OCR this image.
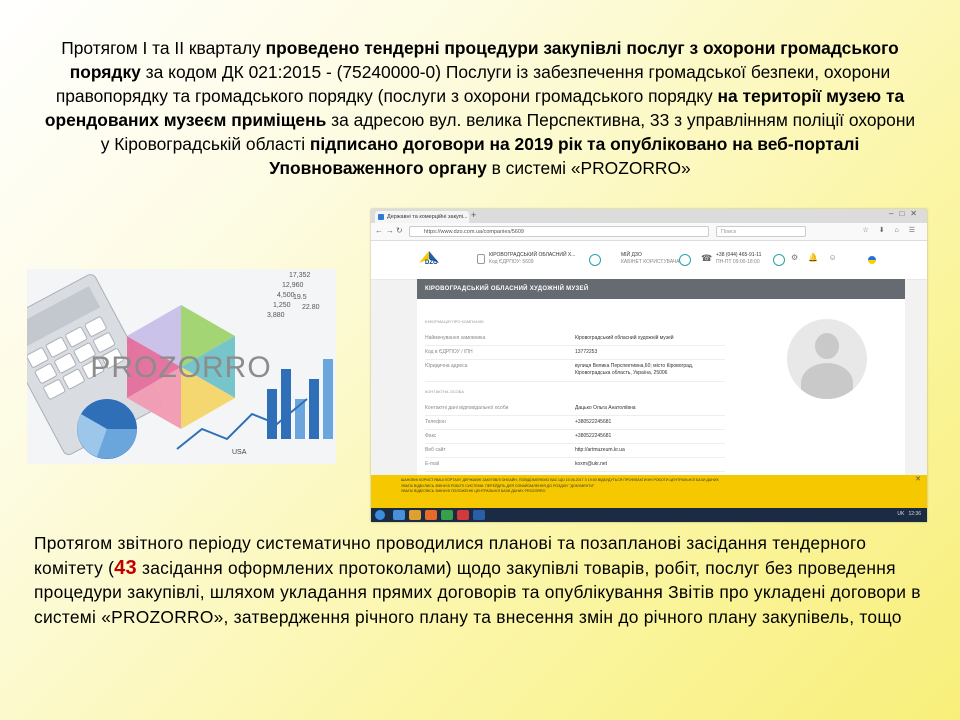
Протягом І та ІІ кварталу проведено тендерні процедури закупівлі послуг з охорони громадського порядку за кодом ДК 021:2015 - (75240000-0) Послуги із забезпечення громадської безпеки, охорони правопорядку та громадського порядку (послуги з охорони громадського порядку на території музею та орендованих музеєм приміщень за адресою вул. велика Перспективна, 33 з управлінням поліції охорони у Кіровоградській області підписано договори на 2019 рік та опубліковано на веб-порталі Уповноваженного органу в системі «PROZORRO»
17,352
12,960
4,500
1,250
3,880
19.5
22.80
PROZORRO
USA
Державні та комерційні закупі... +	–□✕
← → ↻	https://www.dzo.com.ua/companies/5609	Поиск	☆ ⬇ ⌂ ☰
DZO
КІРОВОГРАДСЬКИЙ ОБЛАСНИЙ Х...
Код ЄДРПОУ: 5609
МІЙ ДЗО
КАБІНЕТ КОРИСТУВАЧА ☎ +38 (044) 465-91-11
ПН-ПТ 09:00-18:00	⚙ 🔔 ☺
КІРОВОГРАДСЬКИЙ ОБЛАСНИЙ ХУДОЖНІЙ МУЗЕЙ
ІНФОРМАЦІЯ ПРО КОМПАНІЮ
Найменування замовника	Кіровоградський обласний художній музей
Код в ЄДРПОУ / ІПН	13772253
Юридична адреса	вулиця Велика Перспективна,60; місто Кіровоград, Кіровоградська область, Україна, 25006
КОНТАКТНА ОСОБА
Контактні дані відповідальної особи	Дацько Ольга Анатоліївна
Телефон	+380522245681
Факс	+380522245681
Веб сайт	http://artmuzeum.kr.ua
E-mail	koxm@ukr.net
ШАНОВНІ КОРИСТУВАЧІ ПОРТАЛУ ДЕРЖАВНІ ЗАКУПІВЛІ ОНЛАЙН, ПОВІДОМЛЯЄМО ВАС ЩО 15.06.2017 З 19:00 ВІДБУДУТЬСЯ ПРОФІЛАКТИЧНІ РОБОТИ ЦЕНТРАЛЬНОЇ БАЗИ ДАНИХ
УВАГА! ВІДБУЛИСЬ ЗМІНИ В РОБОТІ СИСТЕМИ. ПЕРЕЙДІТЬ ДЛЯ ОЗНАЙОМЛЕННЯ ДО РОЗДІЛУ "ДОКУМЕНТИ"
УВАГА! ВІДБУЛИСЬ ЗМІНИ В ПОЛОЖЕННІ ЦЕНТРАЛЬНОЇ БАЗИ ДАНИХ PROZORRO
✕
UK 12:36
Протягом звітного періоду систематично проводилися планові та позапланові засідання тендерного комітету (43 засідання оформлених протоколами) щодо закупівлі товарів, робіт, послуг без проведення процедури закупівлі, шляхом укладання прямих договорів та опублікування Звітів про укладені договори в системі «PROZORRO», затвердження річного плану та внесення змін до річного плану закупівель, тощо
